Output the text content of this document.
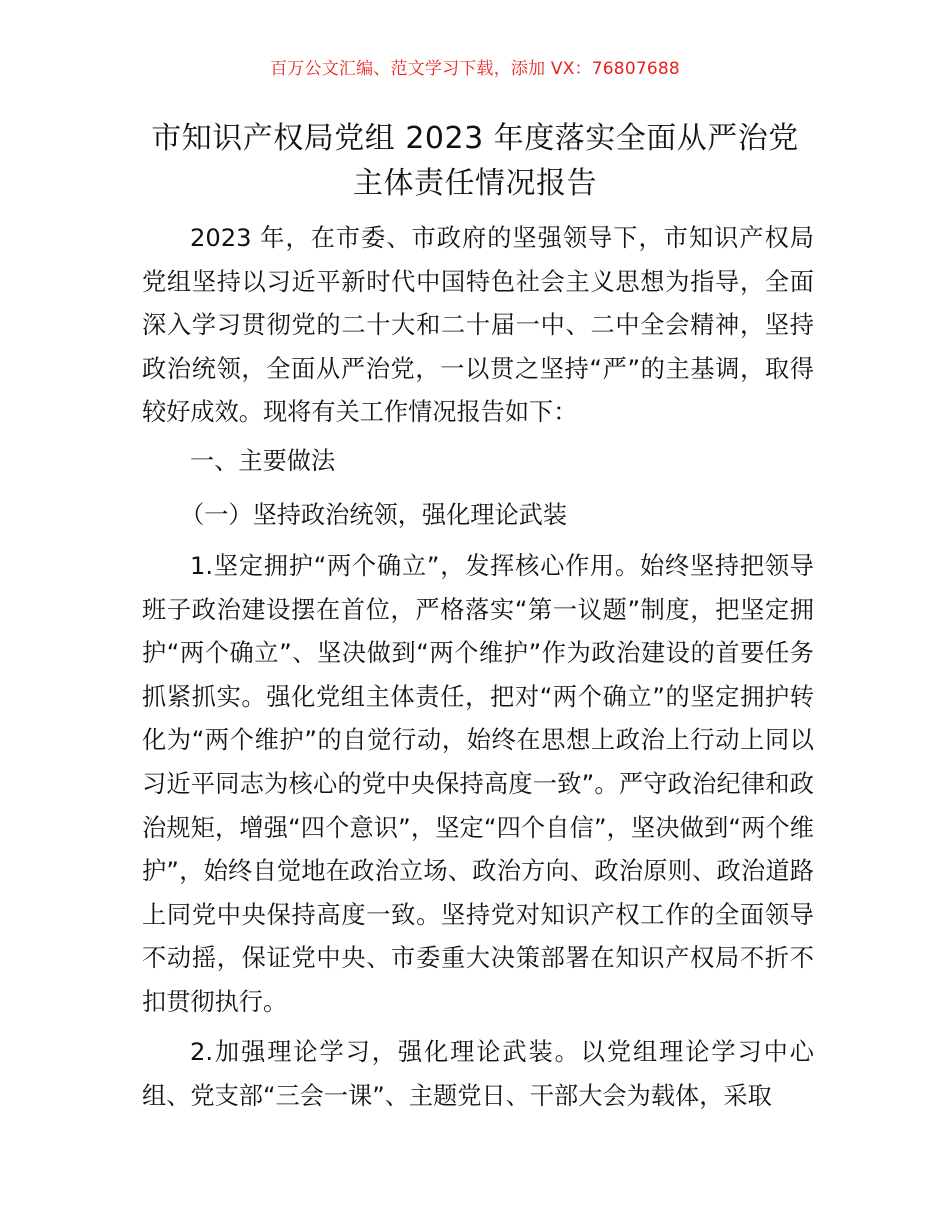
百万公文汇编、范文学习下载，添加 VX：76807688
市知识产权局党组 2023 年度落实全面从严治党
主体责任情况报告

2023 年，在市委、市政府的坚强领导下，市知识产权局党组坚持以习近平新时代中国特色社会主义思想为指导，全面深入学习贯彻党的二十大和二十届一中、二中全会精神，坚持政治统领，全面从严治党，一以贯之坚持“严”的主基调，取得较好成效。现将有关工作情况报告如下：

一、主要做法
（一）坚持政治统领，强化理论武装

1.坚定拥护“两个确立”，发挥核心作用。始终坚持把领导班子政治建设摆在首位，严格落实“第一议题”制度，把坚定拥护“两个确立”、坚决做到“两个维护”作为政治建设的首要任务抓紧抓实。强化党组主体责任，把对“两个确立”的坚定拥护转化为“两个维护”的自觉行动，始终在思想上政治上行动上同以习近平同志为核心的党中央保持高度一致”。严守政治纪律和政治规矩，增强“四个意识”，坚定“四个自信”，坚决做到“两个维护”，始终自觉地在政治立场、政治方向、政治原则、政治道路上同党中央保持高度一致。坚持党对知识产权工作的全面领导不动摇，保证党中央、市委重大决策部署在知识产权局不折不扣贯彻执行。

2.加强理论学习，强化理论武装。以党组理论学习中心组、党支部“三会一课”、主题党日、干部大会为载体，采取
